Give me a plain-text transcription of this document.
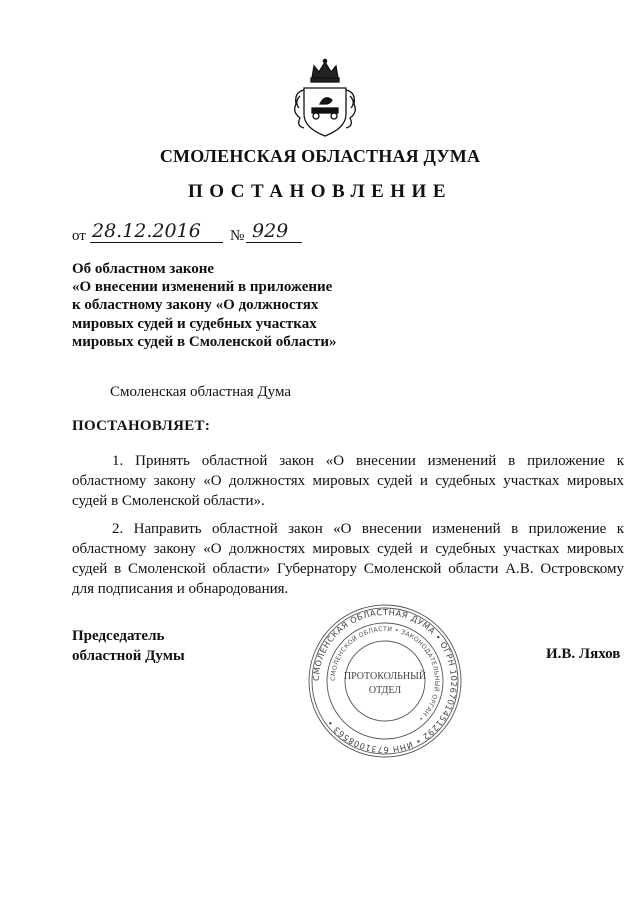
СМОЛЕНСКАЯ ОБЛАСТНАЯ ДУМА
ПОСТАНОВЛЕНИЕ
от 28.12.2016 № 929
Об областном законе
«О внесении изменений в приложение
к областному закону «О должностях
мировых судей и судебных участках
мировых судей в Смоленской области»
Смоленская областная Дума
ПОСТАНОВЛЯЕТ:
1. Принять областной закон «О внесении изменений в приложение к
областному закону «О должностях мировых судей и судебных участках мировых
судей в Смоленской области».
2. Направить областной закон «О внесении изменений в приложение к
областному закону «О должностях мировых судей и судебных участках мировых
судей в Смоленской области» Губернатору Смоленской области А.В. Островскому
для подписания и обнародования.
Председатель
областной Думы	И.В. Ляхов
СМОЛЕНСКАЯ ОБЛАСТНАЯ ДУМА • ОГРН 1026701451292 • ИНН 6731008563 •
СМОЛЕНСКОЙ ОБЛАСТИ • ЗАКОНОДАТЕЛЬНЫЙ ОРГАН •
ПРОТОКОЛЬНЫЙ
ОТДЕЛ
